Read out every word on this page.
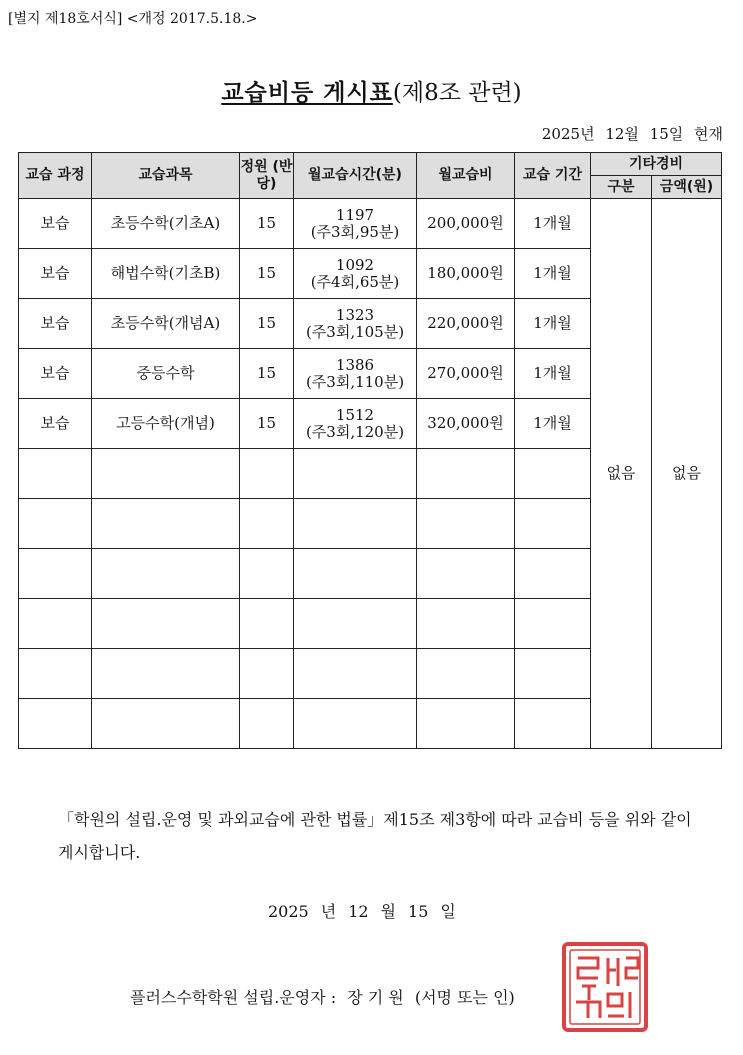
[별지 제18호서식] <개정 2017.5.18.>
교습비등 게시표(제8조 관련)
2025년 12월 15일 현재
교습 과정	교습과목	정원 (반당)	월교습시간(분)	월교습비	교습 기간	기타경비	
						구분	금액(원)
보습	초등수학(기초A)	15	1197
(주3회,95분)	200,000원	1개월	없음	없음
보습	해법수학(기초B)	15	1092
(주4회,65분)	180,000원	1개월		
보습	초등수학(개념A)	15	1323
(주3회,105분)	220,000원	1개월		
보습	중등수학	15	1386
(주3회,110분)	270,000원	1개월		
보습	고등수학(개념)	15	1512
(주3회,120분)	320,000원	1개월		

「학원의 설립.운영 및 과외교습에 관한 법률」제15조 제3항에 따라 교습비 등을 위와 같이 게시합니다.
2025 년 12 월 15 일
플러스수학학원 설립.운영자 : 장 기 원 (서명 또는 인)
